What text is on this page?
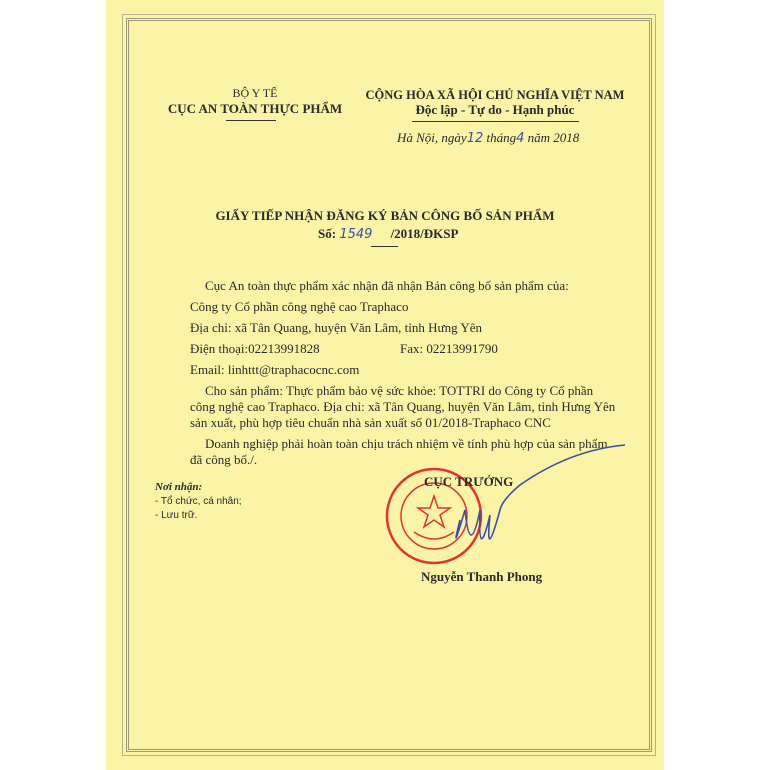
BỘ Y TẾ
CỤC AN TOÀN THỰC PHẨM
CỘNG HÒA XÃ HỘI CHỦ NGHĨA VIỆT NAM
Độc lập - Tự do - Hạnh phúc
Hà Nội, ngày12 tháng4 năm 2018
GIẤY TIẾP NHẬN ĐĂNG KÝ BẢN CÔNG BỐ SẢN PHẨM
Số: 1549 /2018/ĐKSP
Cục An toàn thực phẩm xác nhận đã nhận Bản công bố sản phẩm của:
Công ty Cổ phần công nghệ cao Traphaco
Địa chỉ: xã Tân Quang, huyện Văn Lâm, tỉnh Hưng Yên
Điện thoại:02213991828	Fax: 02213991790
Email: linhttt@traphacocnc.com
Cho sản phẩm: Thực phẩm bảo vệ sức khỏe: TOTTRI do Công ty Cổ phần
công nghệ cao Traphaco. Địa chỉ: xã Tân Quang, huyện Văn Lâm, tỉnh Hưng Yên
sản xuất, phù hợp tiêu chuẩn nhà sản xuất số 01/2018-Traphaco CNC
Doanh nghiệp phải hoàn toàn chịu trách nhiệm về tính phù hợp của sản phẩm
đã công bố./.
Nơi nhận:
- Tổ chức, cá nhân;
- Lưu trữ.
CỤC TRƯỞNG
Nguyễn Thanh Phong
